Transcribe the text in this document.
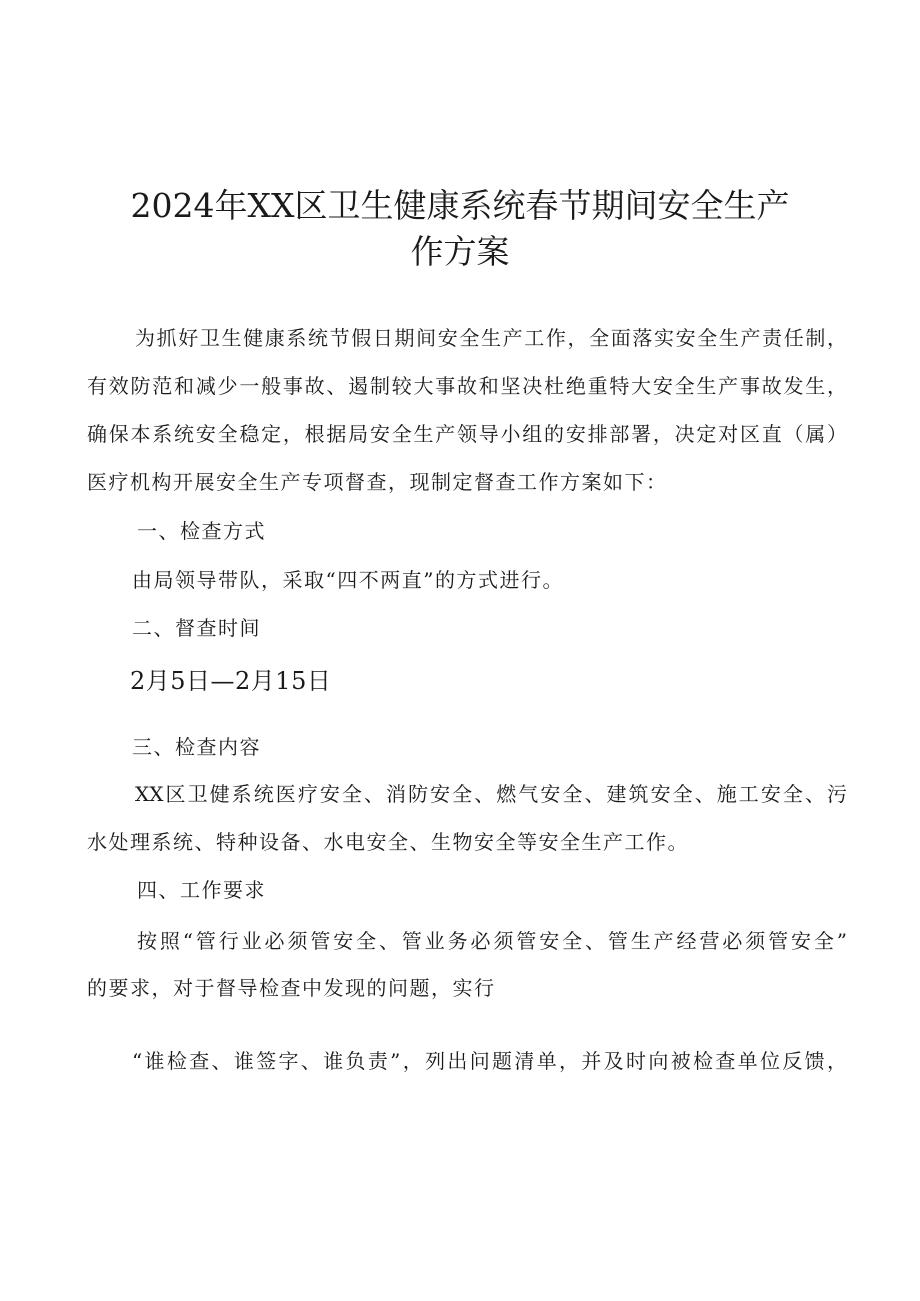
2024年XX区卫生健康系统春节期间安全生产
作方案
为抓好卫生健康系统节假日期间安全生产工作，全面落实安全生产责任制，
有效防范和减少一般事故、遏制较大事故和坚决杜绝重特大安全生产事故发生，
确保本系统安全稳定，根据局安全生产领导小组的安排部署，决定对区直（属）
医疗机构开展安全生产专项督查，现制定督查工作方案如下：
一、检查方式
由局领导带队，采取“四不两直”的方式进行。
二、督查时间
2月5日—2月15日
三、检查内容
XX区卫健系统医疗安全、消防安全、燃气安全、建筑安全、施工安全、污
水处理系统、特种设备、水电安全、生物安全等安全生产工作。
四、工作要求
按照“管行业必须管安全、管业务必须管安全、管生产经营必须管安全”
的要求，对于督导检查中发现的问题，实行
“谁检查、谁签字、谁负责”，列出问题清单，并及时向被检查单位反馈，
